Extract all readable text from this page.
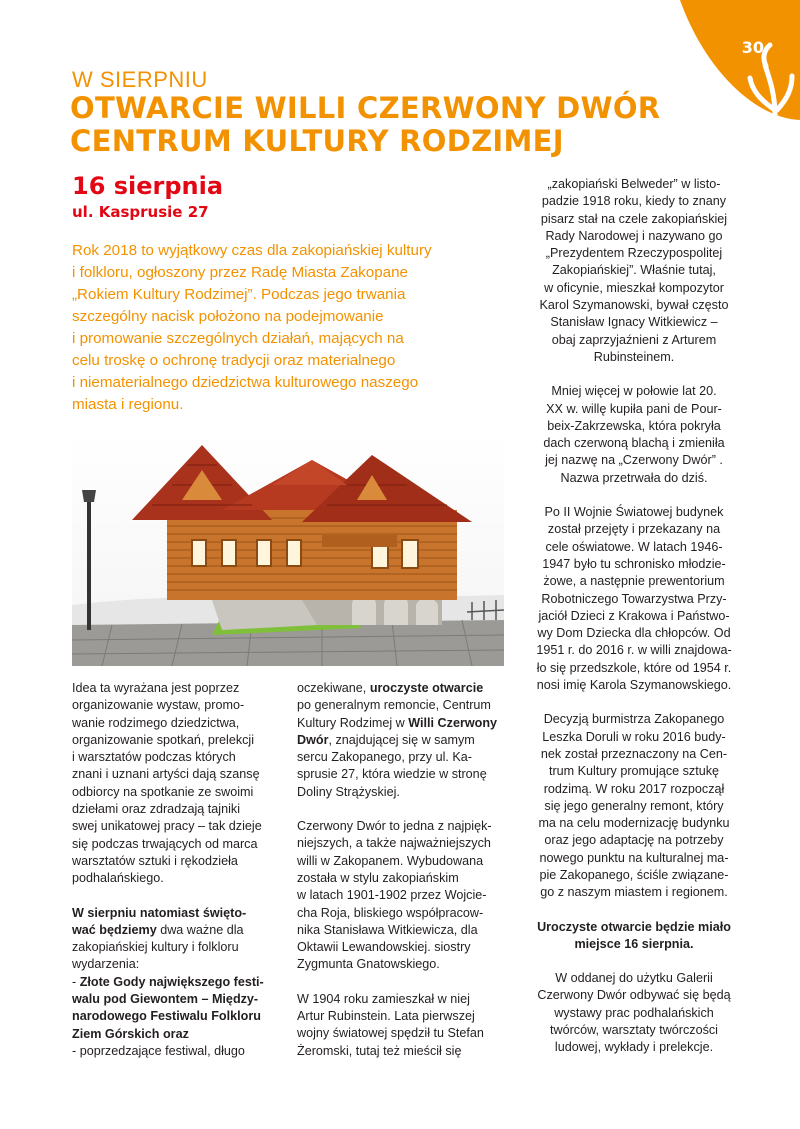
30
W SIERPNIU
OTWARCIE WILLI CZERWONY DWÓR
CENTRUM KULTURY RODZIMEJ
16 sierpnia
ul. Kasprusie 27
Rok 2018 to wyjątkowy czas dla zakopiańskiej kultury
i folkloru, ogłoszony przez Radę Miasta Zakopane
„Rokiem Kultury Rodzimej”. Podczas jego trwania
szczególny nacisk położono na podejmowanie
i promowanie szczególnych działań, mających na
celu troskę o ochronę tradycji oraz materialnego
i niematerialnego dziedzictwa kulturowego naszego
miasta i regionu.

Idea ta wyrażana jest poprzez
organizowanie wystaw, promo-
wanie rodzimego dziedzictwa,
organizowanie spotkań, prelekcji
i warsztatów podczas których
znani i uznani artyści dają szansę
odbiorcy na spotkanie ze swoimi
dziełami oraz zdradzają tajniki
swej unikatowej pracy – tak dzieje
się podczas trwających od marca
warsztatów sztuki i rękodzieła
podhalańskiego.

W sierpniu natomiast święto-
wać będziemy dwa ważne dla
zakopiańskiej kultury i folkloru
wydarzenia:
- Złote Gody największego festi-
walu pod Giewontem – Między-
narodowego Festiwalu Folkloru
Ziem Górskich oraz
- poprzedzające festiwal, długo

oczekiwane, uroczyste otwarcie
po generalnym remoncie, Centrum
Kultury Rodzimej w Willi Czerwony
Dwór, znajdującej się w samym
sercu Zakopanego, przy ul. Ka-
sprusie 27, która wiedzie w stronę
Doliny Strążyskiej.

Czerwony Dwór to jedna z najpięk-
niejszych, a także najważniejszych
willi w Zakopanem. Wybudowana
została w stylu zakopiańskim
w latach 1901-1902 przez Wojcie-
cha Roja, bliskiego współpracow-
nika Stanisława Witkiewicza, dla
Oktawii Lewandowskiej. siostry
Zygmunta Gnatowskiego.

W 1904 roku zamieszkał w niej
Artur Rubinstein. Lata pierwszej
wojny światowej spędził tu Stefan
Żeromski, tutaj też mieścił się

„zakopiański Belweder” w listo-
padzie 1918 roku, kiedy to znany
pisarz stał na czele zakopiańskiej
Rady Narodowej i nazywano go
„Prezydentem Rzeczypospolitej
Zakopiańskiej”. Właśnie tutaj,
w oficynie, mieszkał kompozytor
Karol Szymanowski, bywał często
Stanisław Ignacy Witkiewicz –
obaj zaprzyjaźnieni z Arturem
Rubinsteinem.

Mniej więcej w połowie lat 20.
XX w. willę kupiła pani de Pour-
beix-Zakrzewska, która pokryła
dach czerwoną blachą i zmieniła
jej nazwę na „Czerwony Dwór” .
Nazwa przetrwała do dziś.

Po II Wojnie Światowej budynek
został przejęty i przekazany na
cele oświatowe. W latach 1946-
1947 było tu schronisko młodzie-
żowe, a następnie prewentorium
Robotniczego Towarzystwa Przy-
jaciół Dzieci z Krakowa i Państwo-
wy Dom Dziecka dla chłopców. Od
1951 r. do 2016 r. w willi znajdowa-
ło się przedszkole, które od 1954 r.
nosi imię Karola Szymanowskiego.

Decyzją burmistrza Zakopanego
Leszka Doruli w roku 2016 budy-
nek został przeznaczony na Cen-
trum Kultury promujące sztukę
rodzimą. W roku 2017 rozpoczął
się jego generalny remont, który
ma na celu modernizację budynku
oraz jego adaptację na potrzeby
nowego punktu na kulturalnej ma-
pie Zakopanego, ściśle związane-
go z naszym miastem i regionem.

Uroczyste otwarcie będzie miało
miejsce 16 sierpnia.

W oddanej do użytku Galerii
Czerwony Dwór odbywać się będą
wystawy prac podhalańskich
twórców, warsztaty twórczości
ludowej, wykłady i prelekcje.
